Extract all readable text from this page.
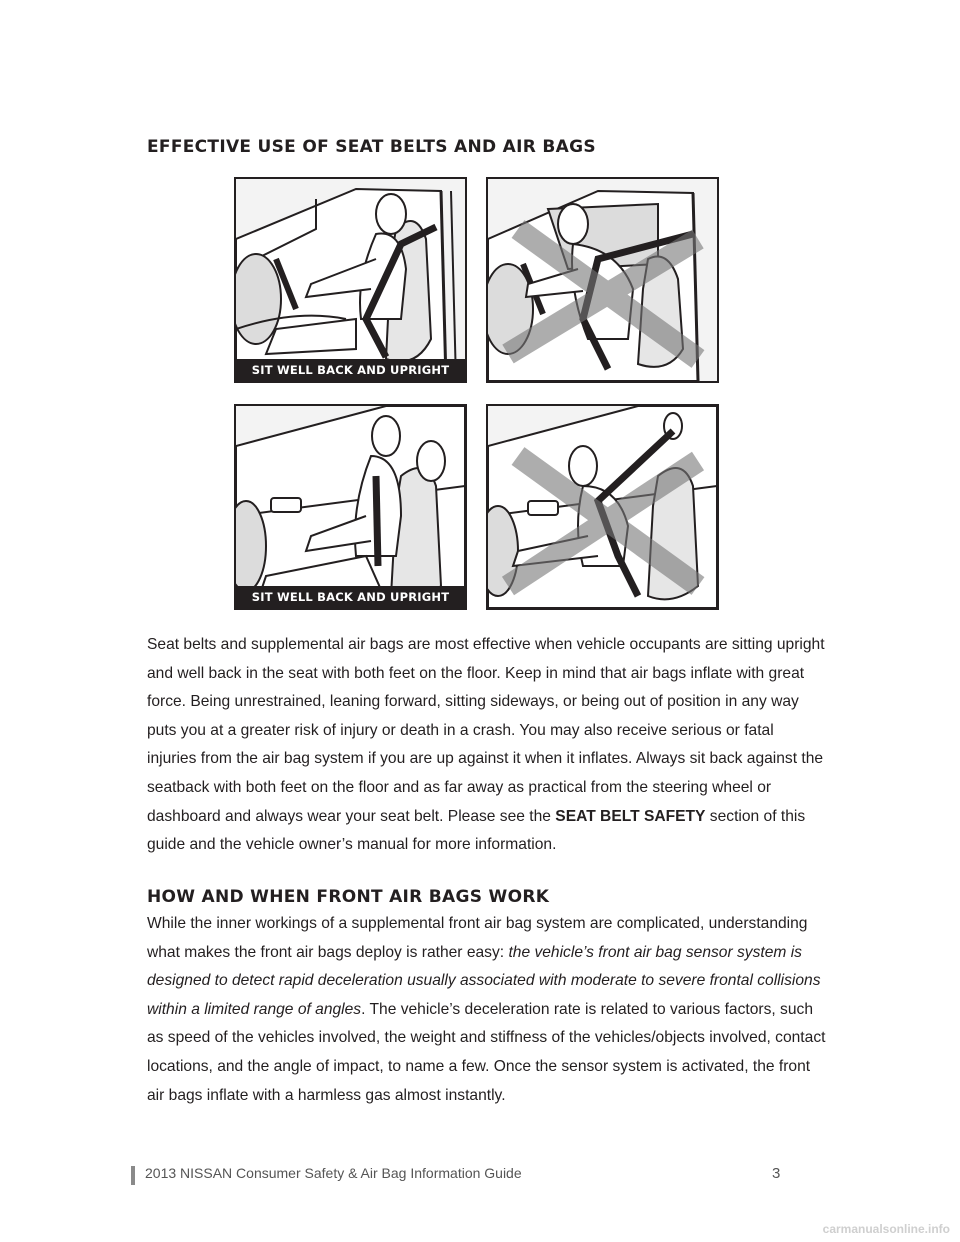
EFFECTIVE USE OF SEAT BELTS AND AIR BAGS
SIT WELL BACK AND UPRIGHT
SIT WELL BACK AND UPRIGHT

Seat belts and supplemental air bags are most effective when vehicle occupants are sitting upright and well back in the seat with both feet on the floor. Keep in mind that air bags inflate with great force. Being unrestrained, leaning forward, sitting sideways, or being out of position in any way puts you at a greater risk of injury or death in a crash. You may also receive serious or fatal injuries from the air bag system if you are up against it when it inflates. Always sit back against the seatback with both feet on the floor and as far away as practical from the steering wheel or dashboard and always wear your seat belt. Please see the SEAT BELT SAFETY section of this guide and the vehicle owner’s manual for more information.

HOW AND WHEN FRONT AIR BAGS WORK

While the inner workings of a supplemental front air bag system are complicated, understanding what makes the front air bags deploy is rather easy: the vehicle’s front air bag sensor system is designed to detect rapid deceleration usually associated with moderate to severe frontal collisions within a limited range of angles. The vehicle’s deceleration rate is related to various factors, such as speed of the vehicles involved, the weight and stiffness of the vehicles/objects involved, contact locations, and the angle of impact, to name a few. Once the sensor system is activated, the front air bags inflate with a harmless gas almost instantly.

2013 NISSAN Consumer Safety & Air Bag Information Guide	3
carmanualsonline.info
